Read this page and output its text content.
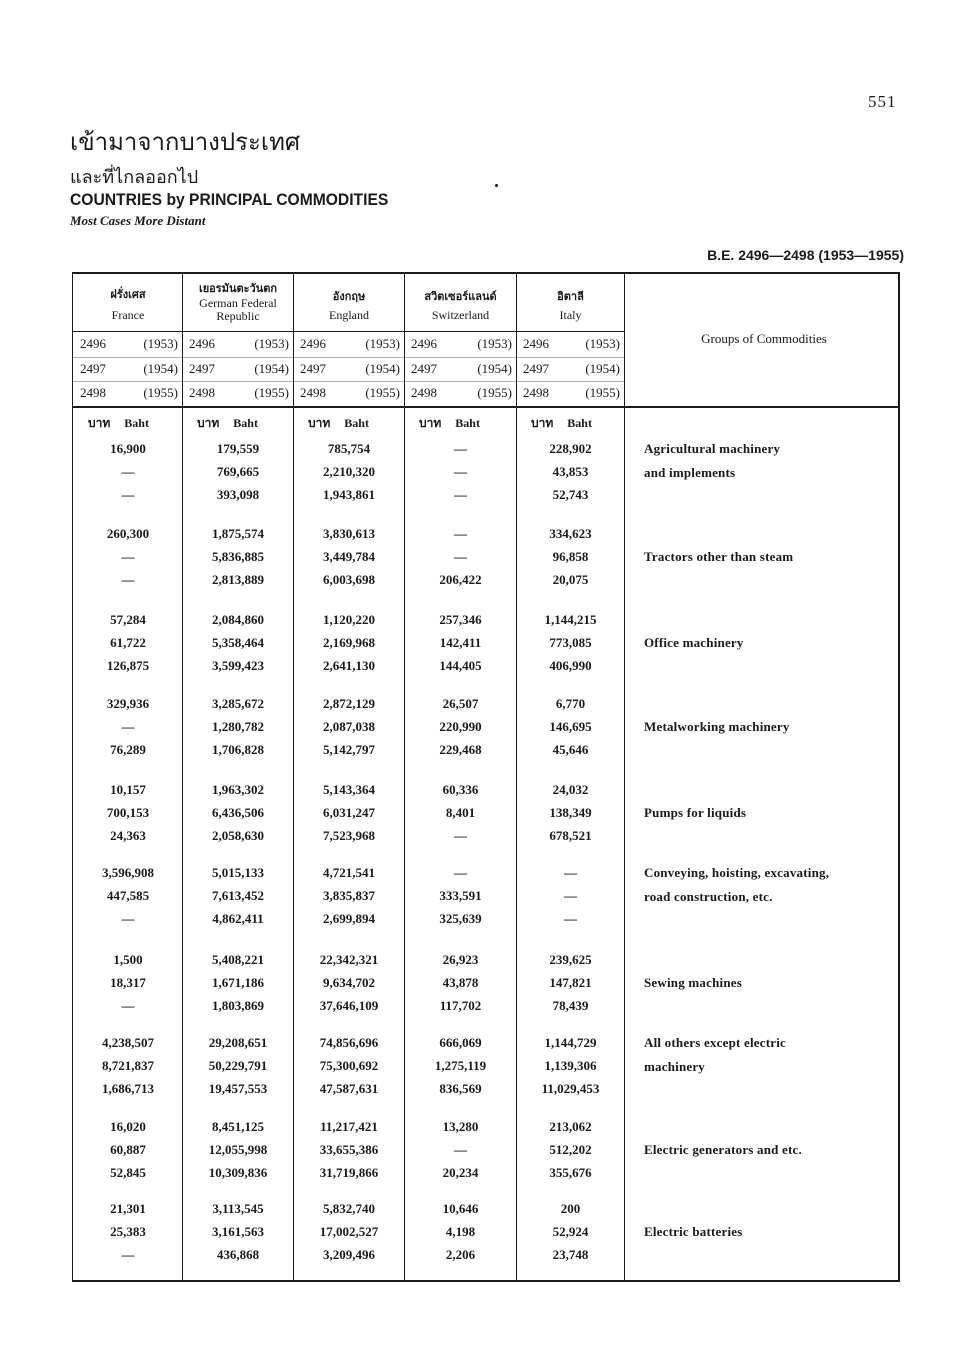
551
เข้ามาจากบางประเทศ
และที่ไกลออกไป
COUNTRIES by PRINCIPAL COMMODITIES
Most Cases More Distant
B.E. 2496—2498 (1953—1955)
ฝรั่งเศส
France
เยอรมันตะวันตก
German Federal Republic
อังกฤษ
England
สวิตเซอร์แลนด์
Switzerland
อิตาลี
Italy
Groups of Commodities
2496	(1953) 2496	(1953) 2496	(1953) 2496	(1953) 2496	(1953)
2497	(1954) 2497	(1954) 2497	(1954) 2497	(1954) 2497	(1954)
2498	(1955) 2498	(1955) 2498	(1955) 2498	(1955) 2498	(1955)
บาท Baht	บาท Baht	บาท Baht	บาท Baht	บาท Baht
16,900	179,559	785,754	—	228,902
—	769,665	2,210,320	—	43,853
—	393,098	1,943,861	—	52,743
Agricultural machinery
and implements
260,300	1,875,574	3,830,613	—	334,623
—	5,836,885	3,449,784	—	96,858
—	2,813,889	6,003,698	206,422	20,075
Tractors other than steam
57,284	2,084,860	1,120,220	257,346	1,144,215
61,722	5,358,464	2,169,968	142,411	773,085
126,875	3,599,423	2,641,130	144,405	406,990
Office machinery
329,936	3,285,672	2,872,129	26,507	6,770
—	1,280,782	2,087,038	220,990	146,695
76,289	1,706,828	5,142,797	229,468	45,646
Metalworking machinery
10,157	1,963,302	5,143,364	60,336	24,032
700,153	6,436,506	6,031,247	8,401	138,349
24,363	2,058,630	7,523,968	—	678,521
Pumps for liquids
3,596,908	5,015,133	4,721,541	—	—
447,585	7,613,452	3,835,837	333,591	—
—	4,862,411	2,699,894	325,639	—
Conveying, hoisting, excavating,
road construction, etc.
1,500	5,408,221	22,342,321	26,923	239,625
18,317	1,671,186	9,634,702	43,878	147,821
—	1,803,869	37,646,109	117,702	78,439
Sewing machines
4,238,507	29,208,651	74,856,696	666,069	1,144,729
8,721,837	50,229,791	75,300,692	1,275,119	1,139,306
1,686,713	19,457,553	47,587,631	836,569	11,029,453
All others except electric
machinery
16,020	8,451,125	11,217,421	13,280	213,062
60,887	12,055,998	33,655,386	—	512,202
52,845	10,309,836	31,719,866	20,234	355,676
Electric generators and etc.
21,301	3,113,545	5,832,740	10,646	200
25,383	3,161,563	17,002,527	4,198	52,924
—	436,868	3,209,496	2,206	23,748
Electric batteries
